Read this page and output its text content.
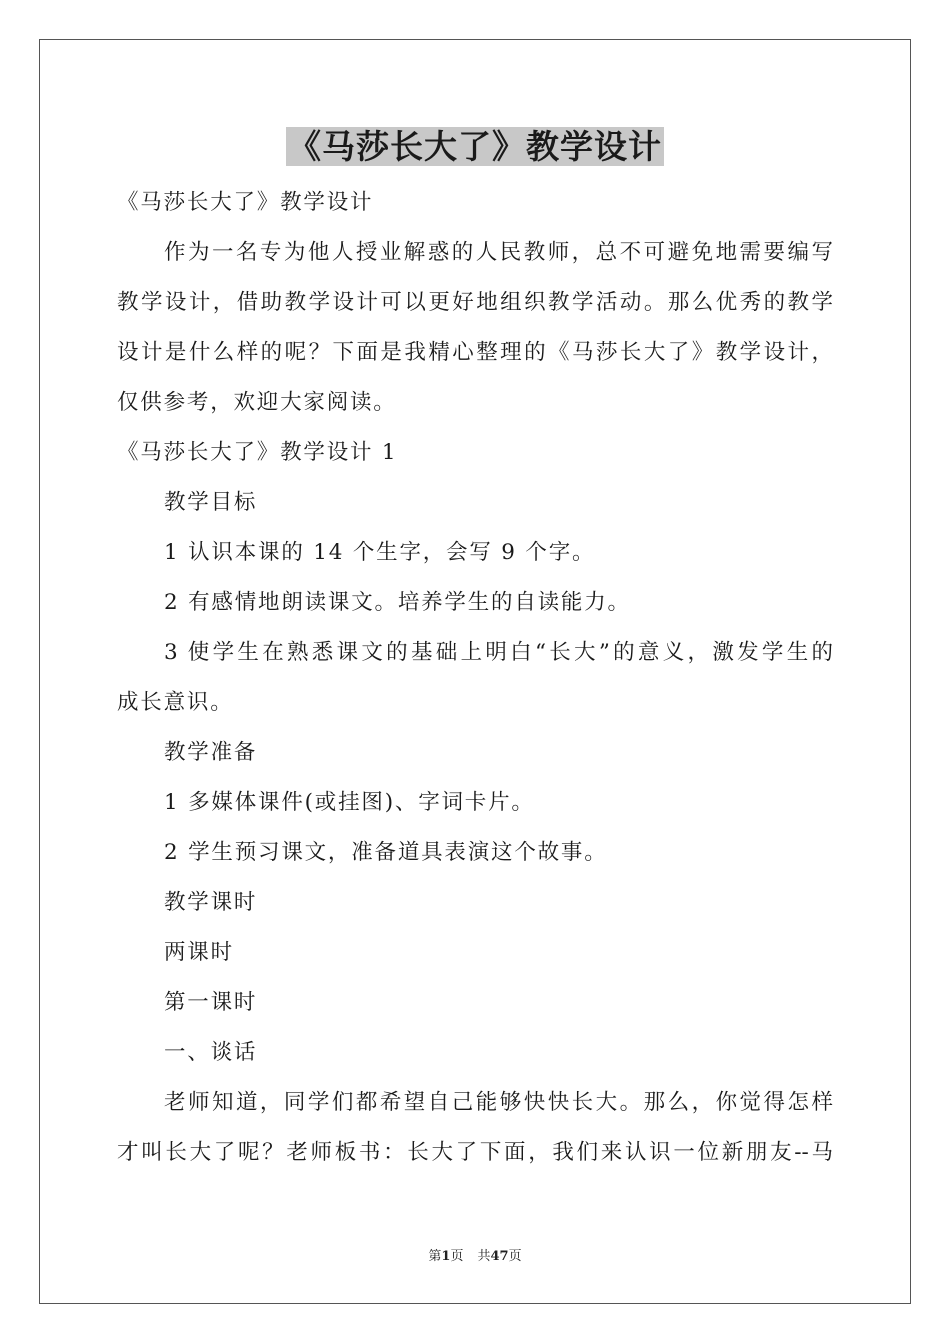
《马莎长大了》教学设计
《马莎长大了》教学设计
作为一名专为他人授业解惑的人民教师，总不可避免地需要编写
教学设计，借助教学设计可以更好地组织教学活动。那么优秀的教学
设计是什么样的呢？下面是我精心整理的《马莎长大了》教学设计，
仅供参考，欢迎大家阅读。
《马莎长大了》教学设计 1
教学目标
1 认识本课的 14 个生字，会写 9 个字。
2 有感情地朗读课文。培养学生的自读能力。
3 使学生在熟悉课文的基础上明白“长大”的意义，激发学生的
成长意识。
教学准备
1 多媒体课件(或挂图)、字词卡片。
2 学生预习课文，准备道具表演这个故事。
教学课时
两课时
第一课时
一、谈话
老师知道，同学们都希望自己能够快快长大。那么，你觉得怎样
才叫长大了呢？老师板书：长大了下面，我们来认识一位新朋友--马
第1页 共47页
